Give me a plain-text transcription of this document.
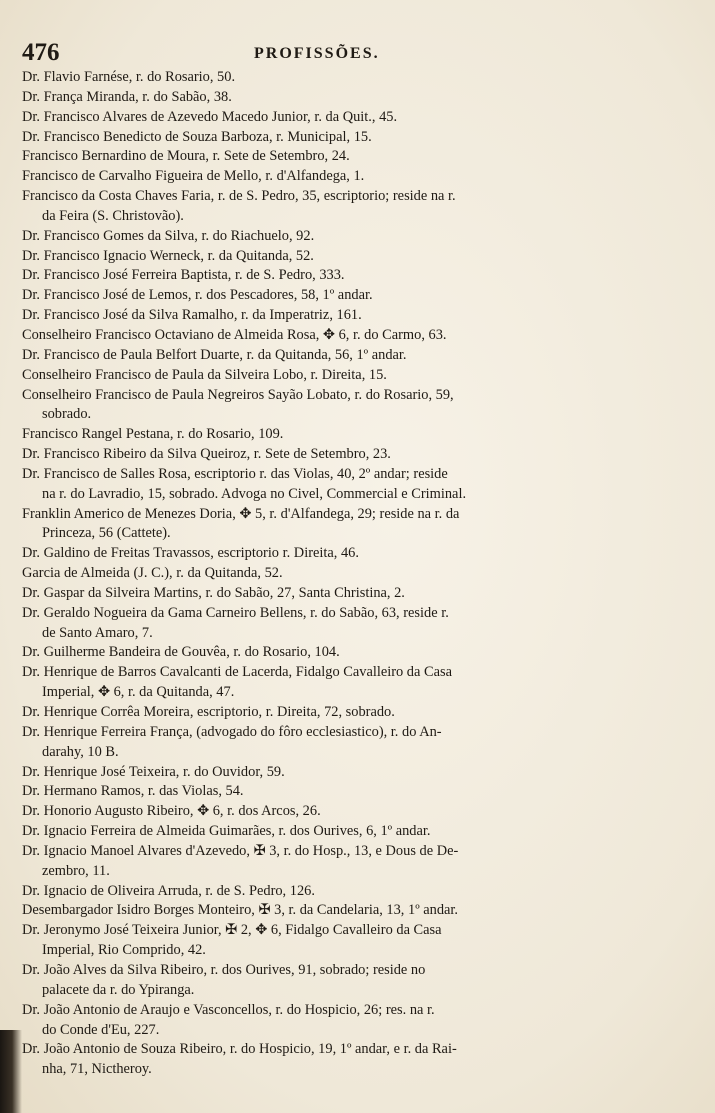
476	PROFISSÕES.
Dr. Flavio Farnése, r. do Rosario, 50.
Dr. França Miranda, r. do Sabão, 38.
Dr. Francisco Alvares de Azevedo Macedo Junior, r. da Quit., 45.
Dr. Francisco Benedicto de Souza Barboza, r. Municipal, 15.
Francisco Bernardino de Moura, r. Sete de Setembro, 24.
Francisco de Carvalho Figueira de Mello, r. d'Alfandega, 1.
Francisco da Costa Chaves Faria, r. de S. Pedro, 35, escriptorio; reside na r.
da Feira (S. Christovão).
Dr. Francisco Gomes da Silva, r. do Riachuelo, 92.
Dr. Francisco Ignacio Werneck, r. da Quitanda, 52.
Dr. Francisco José Ferreira Baptista, r. de S. Pedro, 333.
Dr. Francisco José de Lemos, r. dos Pescadores, 58, 1º andar.
Dr. Francisco José da Silva Ramalho, r. da Imperatriz, 161.
Conselheiro Francisco Octaviano de Almeida Rosa, ✥ 6, r. do Carmo, 63.
Dr. Francisco de Paula Belfort Duarte, r. da Quitanda, 56, 1º andar.
Conselheiro Francisco de Paula da Silveira Lobo, r. Direita, 15.
Conselheiro Francisco de Paula Negreiros Sayão Lobato, r. do Rosario, 59,
sobrado.
Francisco Rangel Pestana, r. do Rosario, 109.
Dr. Francisco Ribeiro da Silva Queiroz, r. Sete de Setembro, 23.
Dr. Francisco de Salles Rosa, escriptorio r. das Violas, 40, 2º andar; reside
na r. do Lavradio, 15, sobrado. Advoga no Civel, Commercial e Criminal.
Franklin Americo de Menezes Doria, ✥ 5, r. d'Alfandega, 29; reside na r. da
Princeza, 56 (Cattete).
Dr. Galdino de Freitas Travassos, escriptorio r. Direita, 46.
Garcia de Almeida (J. C.), r. da Quitanda, 52.
Dr. Gaspar da Silveira Martins, r. do Sabão, 27, Santa Christina, 2.
Dr. Geraldo Nogueira da Gama Carneiro Bellens, r. do Sabão, 63, reside r.
de Santo Amaro, 7.
Dr. Guilherme Bandeira de Gouvêa, r. do Rosario, 104.
Dr. Henrique de Barros Cavalcanti de Lacerda, Fidalgo Cavalleiro da Casa
Imperial, ✥ 6, r. da Quitanda, 47.
Dr. Henrique Corrêa Moreira, escriptorio, r. Direita, 72, sobrado.
Dr. Henrique Ferreira França, (advogado do fôro ecclesiastico), r. do An-
darahy, 10 B.
Dr. Henrique José Teixeira, r. do Ouvidor, 59.
Dr. Hermano Ramos, r. das Violas, 54.
Dr. Honorio Augusto Ribeiro, ✥ 6, r. dos Arcos, 26.
Dr. Ignacio Ferreira de Almeida Guimarães, r. dos Ourives, 6, 1º andar.
Dr. Ignacio Manoel Alvares d'Azevedo, ✠ 3, r. do Hosp., 13, e Dous de De-
zembro, 11.
Dr. Ignacio de Oliveira Arruda, r. de S. Pedro, 126.
Desembargador Isidro Borges Monteiro, ✠ 3, r. da Candelaria, 13, 1º andar.
Dr. Jeronymo José Teixeira Junior, ✠ 2, ✥ 6, Fidalgo Cavalleiro da Casa
Imperial, Rio Comprido, 42.
Dr. João Alves da Silva Ribeiro, r. dos Ourives, 91, sobrado; reside no
palacete da r. do Ypiranga.
Dr. João Antonio de Araujo e Vasconcellos, r. do Hospicio, 26; res. na r.
do Conde d'Eu, 227.
Dr. João Antonio de Souza Ribeiro, r. do Hospicio, 19, 1º andar, e r. da Rai-
nha, 71, Nictheroy.
